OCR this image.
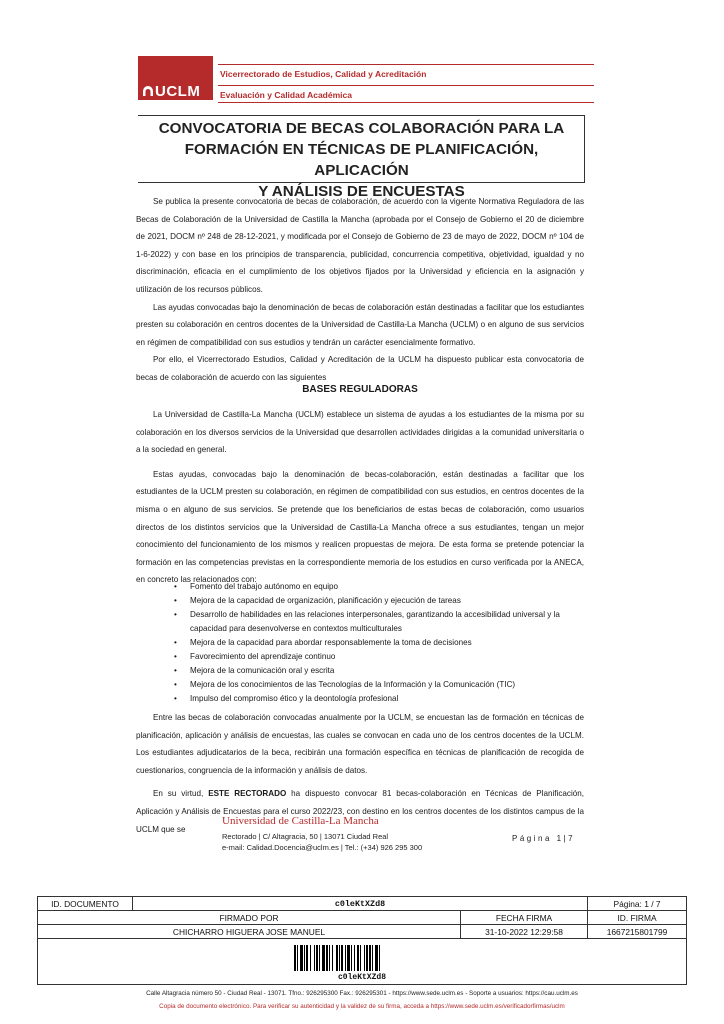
UCLM
Vicerrectorado de Estudios, Calidad y Acreditación
Evaluación y Calidad Académica
CONVOCATORIA DE BECAS COLABORACIÓN PARA LA
FORMACIÓN EN TÉCNICAS DE PLANIFICACIÓN, APLICACIÓN
Y ANÁLISIS DE ENCUESTAS

Se publica la presente convocatoria de becas de colaboración, de acuerdo con la vigente Normativa Reguladora de las Becas de Colaboración de la Universidad de Castilla la Mancha (aprobada por el Consejo de Gobierno el 20 de diciembre de 2021, DOCM nº 248 de 28-12-2021, y modificada por el Consejo de Gobierno de 23 de mayo de 2022, DOCM nº 104 de 1-6-2022) y con base en los principios de transparencia, publicidad, concurrencia competitiva, objetividad, igualdad y no discriminación, eficacia en el cumplimiento de los objetivos fijados por la Universidad y eficiencia en la asignación y utilización de los recursos públicos.

Las ayudas convocadas bajo la denominación de becas de colaboración están destinadas a facilitar que los estudiantes presten su colaboración en centros docentes de la Universidad de Castilla-La Mancha (UCLM) o en alguno de sus servicios en régimen de compatibilidad con sus estudios y tendrán un carácter esencialmente formativo.

Por ello, el Vicerrectorado Estudios, Calidad y Acreditación de la UCLM ha dispuesto publicar esta convocatoria de becas de colaboración de acuerdo con las siguientes

BASES REGULADORAS

La Universidad de Castilla-La Mancha (UCLM) establece un sistema de ayudas a los estudiantes de la misma por su colaboración en los diversos servicios de la Universidad que desarrollen actividades dirigidas a la comunidad universitaria o a la sociedad en general.

Estas ayudas, convocadas bajo la denominación de becas-colaboración, están destinadas a facilitar que los estudiantes de la UCLM presten su colaboración, en régimen de compatibilidad con sus estudios, en centros docentes de la misma o en alguno de sus servicios. Se pretende que los beneficiarios de estas becas de colaboración, como usuarios directos de los distintos servicios que la Universidad de Castilla-La Mancha ofrece a sus estudiantes, tengan un mejor conocimiento del funcionamiento de los mismos y realicen propuestas de mejora. De esta forma se pretende potenciar la formación en las competencias previstas en la correspondiente memoria de los estudios en curso verificada por la ANECA, en concreto las relacionados con:

• Fomento del trabajo autónomo en equipo
• Mejora de la capacidad de organización, planificación y ejecución de tareas
• Desarrollo de habilidades en las relaciones interpersonales, garantizando la accesibilidad universal y la capacidad para desenvolverse en contextos multiculturales
• Mejora de la capacidad para abordar responsablemente la toma de decisiones
• Favorecimiento del aprendizaje continuo
• Mejora de la comunicación oral y escrita
• Mejora de los conocimientos de las Tecnologías de la Información y la Comunicación (TIC)
• Impulso del compromiso ético y la deontología profesional

Entre las becas de colaboración convocadas anualmente por la UCLM, se encuestan las de formación en técnicas de planificación, aplicación y análisis de encuestas, las cuales se convocan en cada uno de los centros docentes de la UCLM. Los estudiantes adjudicatarios de la beca, recibirán una formación específica en técnicas de planificación de recogida de cuestionarios, congruencia de la información y análisis de datos.

En su virtud, ESTE RECTORADO ha dispuesto convocar 81 becas-colaboración en Técnicas de Planificación, Aplicación y Análisis de Encuestas para el curso 2022/23, con destino en los centros docentes de los distintos campus de la UCLM que se

Universidad de Castilla-La Mancha
Rectorado | C/ Altagracia, 50 | 13071 Ciudad Real
e-mail: Calidad.Docencia@uclm.es | Tel.: (+34) 926 295 300
Página 1|7
ID. DOCUMENTO	c0leKtXZd8		Página: 1 / 7
FIRMADO POR		FECHA FIRMA	ID. FIRMA
CHICHARRO HIGUERA JOSE MANUEL		31-10-2022 12:29:58	1667215801799

c0leKtXZd8			
Calle Altagracia número 50 - Ciudad Real - 13071. Tfno.: 926295300 Fax.: 926295301 - https://www.sede.uclm.es - Soporte a usuarios: https://cau.uclm.es
Copia de documento electrónico. Para verificar su autenticidad y la validez de su firma, acceda a https://www.sede.uclm.es/verificadorfirmas/uclm
